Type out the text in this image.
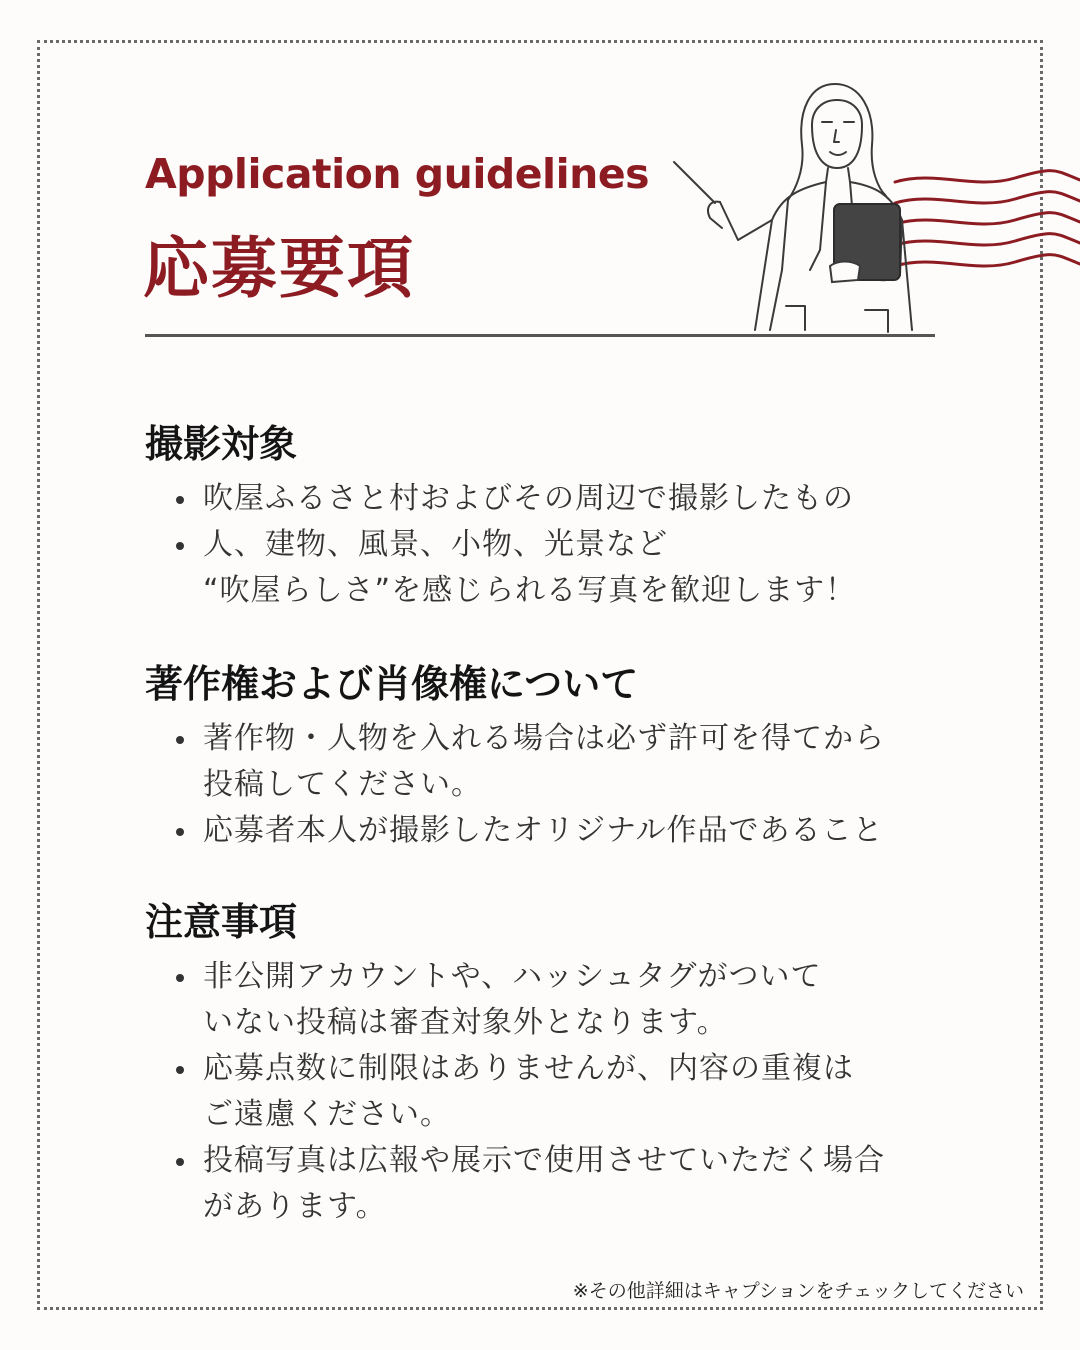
Application guidelines
応募要項
撮影対象
吹屋ふるさと村およびその周辺で撮影したもの
人、建物、風景、小物、光景など
“吹屋らしさ”を感じられる写真を歓迎します！
著作権および肖像権について
著作物・人物を入れる場合は必ず許可を得てから
投稿してください。
応募者本人が撮影したオリジナル作品であること
注意事項
非公開アカウントや、ハッシュタグがついて
いない投稿は審査対象外となります。
応募点数に制限はありませんが、内容の重複は
ご遠慮ください。
投稿写真は広報や展示で使用させていただく場合
があります。
※その他詳細はキャプションをチェックしてください
